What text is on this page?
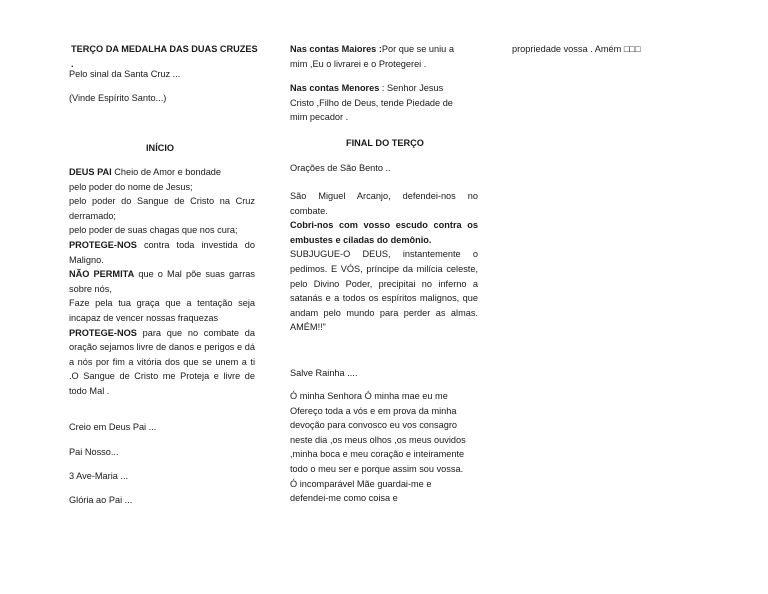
TERÇO DA MEDALHA DAS DUAS CRUZES .
Pelo sinal da Santa Cruz ...
(Vinde Espírito Santo...)
INÍCIO
DEUS PAI Cheio de Amor e bondade
pelo poder do nome de Jesus;
pelo poder do Sangue de Cristo na Cruz derramado;
pelo poder de suas chagas que nos cura;
PROTEGE-NOS contra toda investida do Maligno.
NÃO PERMITA que o Mal põe suas garras sobre nós,
Faze pela tua graça que a tentação seja incapaz de vencer nossas fraquezas
PROTEGE-NOS para que no combate da oração sejamos livre de danos e perigos e dá a nós por fim a vitória dos que se unem a ti .O Sangue de Cristo me Proteja e livre de todo Mal .
Creio em Deus Pai ...
Pai Nosso...
3 Ave-Maria ...
Glória ao Pai ...
Nas contas Maiores :Por que se uniu a mim ,Eu o livrarei e o Protegerei .
Nas contas Menores : Senhor Jesus Cristo ,Filho de Deus, tende Piedade de mim pecador .
FINAL DO TERÇO
Orações de São Bento ..
São Miguel Arcanjo, defendei-nos no combate.
Cobri-nos com vosso escudo contra os embustes e ciladas do demônio.
SUBJUGUE-O DEUS, instantemente o pedimos. E VÓS, príncipe da milícia celeste, pelo Divino Poder, precipitai no inferno a satanás e a todos os espíritos malignos, que andam pelo mundo para perder as almas. AMÉM!!”
Salve Rainha ....
Ó minha Senhora Ó minha mae eu me Ofereço toda a vós e em prova da minha devoção para convosco eu vos consagro neste dia ,os meus olhos ,os meus ouvidos ,minha boca e meu coração e inteiramente todo o meu ser e porque assim sou vossa. Ó incomparável Mãe guardai-me e defendei-me como coisa e
propriedade vossa . Amém □□□
